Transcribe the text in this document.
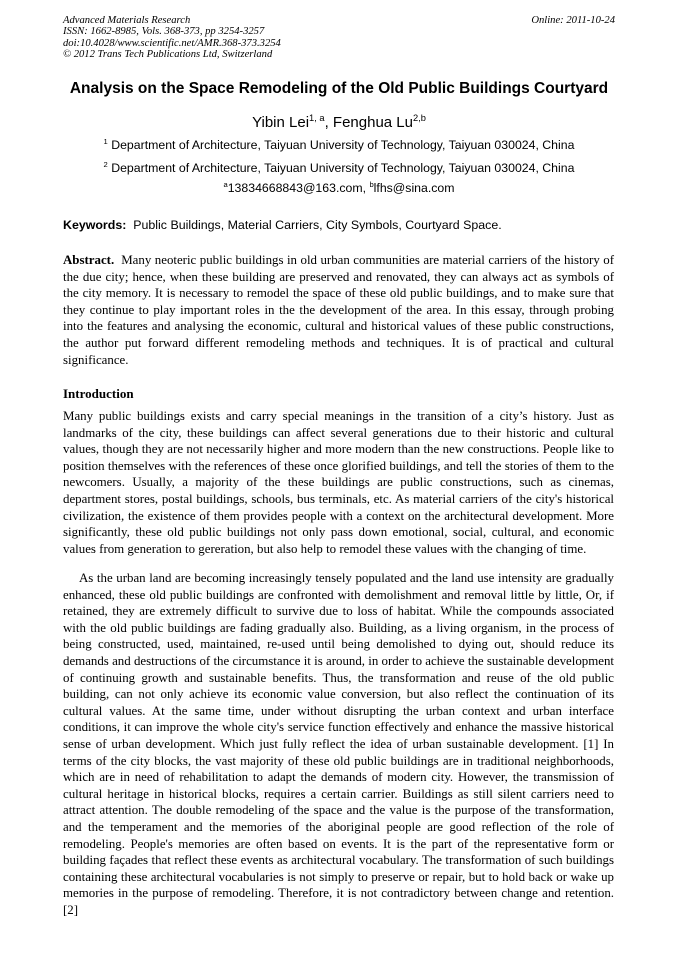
Advanced Materials Research	Online: 2011-10-24
ISSN: 1662-8985, Vols. 368-373, pp 3254-3257
doi:10.4028/www.scientific.net/AMR.368-373.3254
© 2012 Trans Tech Publications Ltd, Switzerland
Analysis on the Space Remodeling of the Old Public Buildings Courtyard
Yibin Lei$^{1, a}$, Fenghua Lu$^{2,b}$
$^1$ Department of Architecture, Taiyuan University of Technology, Taiyuan 030024, China
$^2$ Department of Architecture, Taiyuan University of Technology, Taiyuan 030024, China
$^a$13834668843@163.com, $^b$lfhs@sina.com
Keywords: Public Buildings, Material Carriers, City Symbols, Courtyard Space.
Abstract. Many neoteric public buildings in old urban communities are material carriers of the history of the due city; hence, when these building are preserved and renovated, they can always act as symbols of the city memory. It is necessary to remodel the space of these old public buildings, and to make sure that they continue to play important roles in the the development of the area. In this essay, through probing into the features and analysing the economic, cultural and historical values of these public constructions, the author put forward different remodeling methods and techniques. It is of practical and cultural significance.
Introduction

Many public buildings exists and carry special meanings in the transition of a city’s history. Just as landmarks of the city, these buildings can affect several generations due to their historic and cultural values, though they are not necessarily higher and more modern than the new constructions. People like to position themselves with the references of these once glorified buildings, and tell the stories of them to the newcomers. Usually, a majority of the these buildings are public constructions, such as cinemas, department stores, postal buildings, schools, bus terminals, etc. As material carriers of the city's historical civilization, the existence of them provides people with a context on the architectural development. More significantly, these old public buildings not only pass down emotional, social, cultural, and economic values from generation to gereration, but also help to remodel these values with the changing of time.

As the urban land are becoming increasingly tensely populated and the land use intensity are gradually enhanced, these old public buildings are confronted with demolishment and removal little by little, Or, if retained, they are extremely difficult to survive due to loss of habitat. While the compounds associated with the old public buildings are fading gradually also. Building, as a living organism, in the process of being constructed, used, maintained, re-used until being demolished to dying out, should reduce its demands and destructions of the circumstance it is around, in order to achieve the sustainable development of continuing growth and sustainable benefits. Thus, the transformation and reuse of the old public building, can not only achieve its economic value conversion, but also reflect the continuation of its cultural values. At the same time, under without disrupting the urban context and urban interface conditions, it can improve the whole city's service function effectively and enhance the massive historical sense of urban development. Which just fully reflect the idea of urban sustainable development. [1] In terms of the city blocks, the vast majority of these old public buildings are in traditional neighborhoods, which are in need of rehabilitation to adapt the demands of modern city. However, the transmission of cultural heritage in historical blocks, requires a certain carrier. Buildings as still silent carriers need to attract attention. The double remodeling of the space and the value is the purpose of the transformation, and the temperament and the memories of the aboriginal people are good reflection of the role of remodeling. People's memories are often based on events. It is the part of the representative form or building façades that reflect these events as architectural vocabulary. The transformation of such buildings containing these architectural vocabularies is not simply to preserve or repair, but to hold back or wake up memories in the purpose of remodeling. Therefore, it is not contradictory between change and retention. [2]
